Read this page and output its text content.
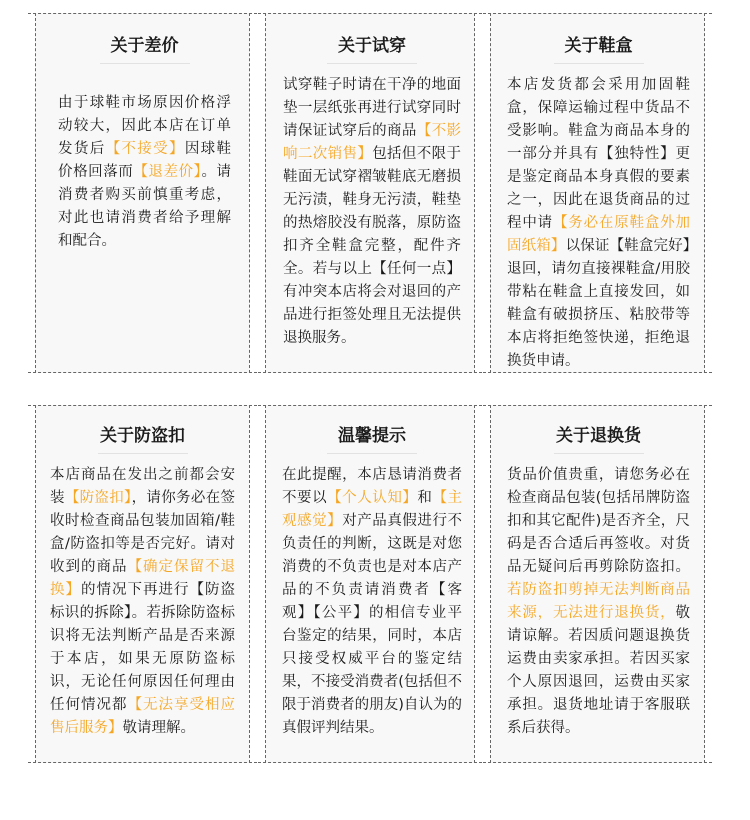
关于差价
由于球鞋市场原因价格浮动较大，因此本店在订单发货后【不接受】因球鞋价格回落而【退差价】。请消费者购买前慎重考虑，对此也请消费者给予理解和配合。
关于试穿
试穿鞋子时请在干净的地面垫一层纸张再进行试穿同时请保证试穿后的商品【不影响二次销售】包括但不限于鞋面无试穿褶皱鞋底无磨损无污渍，鞋身无污渍，鞋垫的热熔胶没有脱落，原防盗扣齐全鞋盒完整，配件齐全。若与以上【任何一点】有冲突本店将会对退回的产品进行拒签处理且无法提供退换服务。
关于鞋盒
本店发货都会采用加固鞋盒，保障运输过程中货品不受影响。鞋盒为商品本身的一部分并具有【独特性】更是鉴定商品本身真假的要素之一，因此在退货商品的过程中请【务必在原鞋盒外加固纸箱】以保证【鞋盒完好】退回，请勿直接裸鞋盒/用胶带粘在鞋盒上直接发回，如鞋盒有破损挤压、粘胶带等本店将拒绝签快递，拒绝退换货申请。
关于防盗扣
本店商品在发出之前都会安装【防盗扣】，请你务必在签收时检查商品包装加固箱/鞋盒/防盗扣等是否完好。请对收到的商品【确定保留不退换】的情况下再进行【防盗标识的拆除】。若拆除防盗标识将无法判断产品是否来源于本店，如果无原防盗标识，无论任何原因任何理由任何情况都【无法享受相应售后服务】敬请理解。
温馨提示
在此提醒，本店恳请消费者不要以【个人认知】和【主观感觉】对产品真假进行不负责任的判断，这既是对您消费的不负责也是对本店产品的不负责请消费者【客观】【公平】的相信专业平台鉴定的结果，同时，本店只接受权威平台的鉴定结果，不接受消费者(包括但不限于消费者的朋友)自认为的真假评判结果。
关于退换货
货品价值贵重，请您务必在检查商品包装(包括吊牌防盗扣和其它配件)是否齐全，尺码是否合适后再签收。对货品无疑问后再剪除防盗扣。若防盗扣剪掉无法判断商品来源，无法进行退换货，敬请谅解。若因质问题退换货运费由卖家承担。若因买家个人原因退回，运费由买家承担。退货地址请于客服联系后获得。
